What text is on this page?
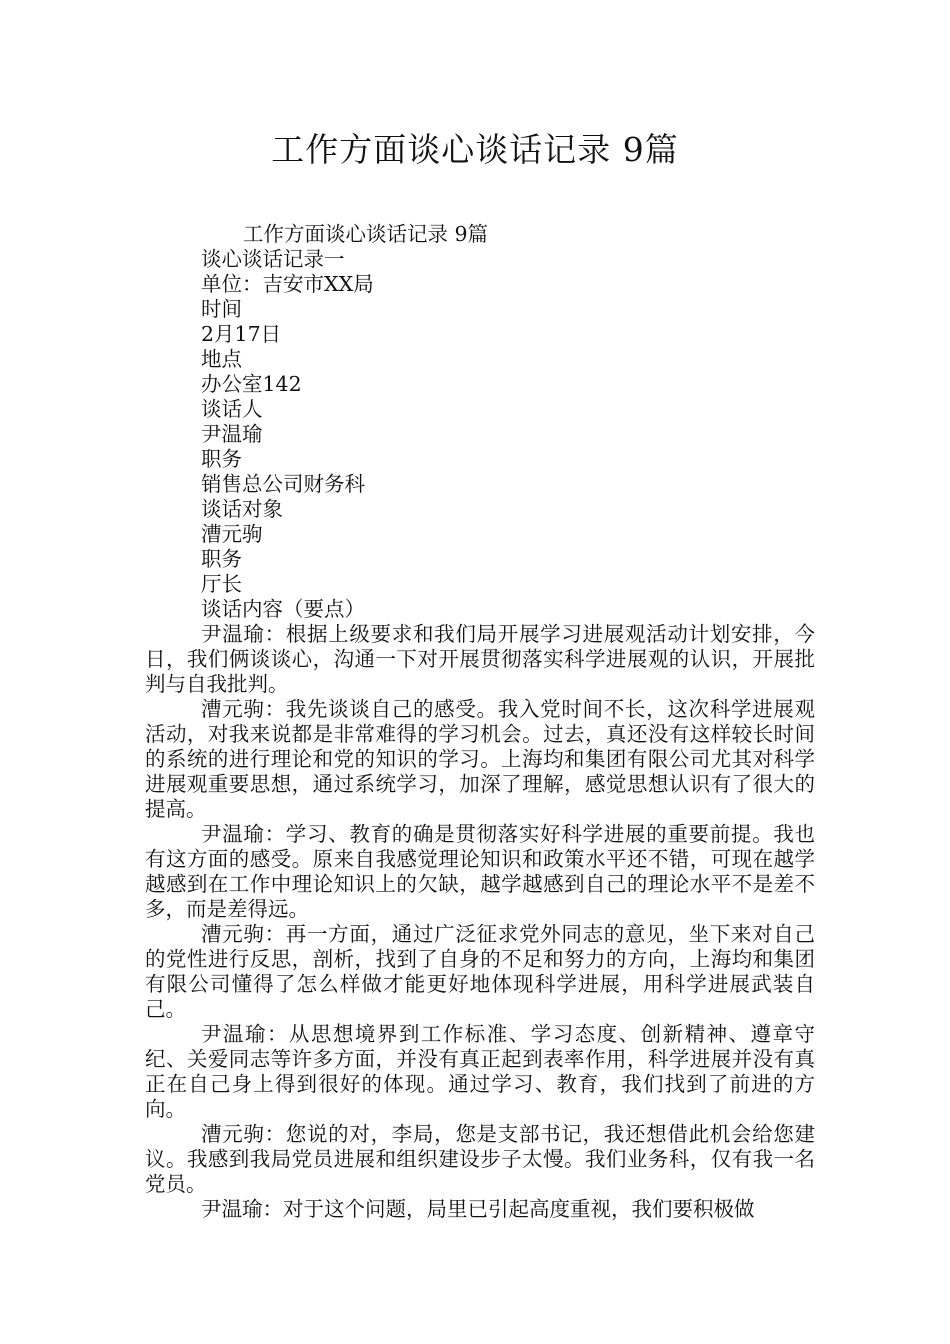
工作方面谈心谈话记录 9篇
工作方面谈心谈话记录 9篇
谈心谈话记录一
单位：吉安市XX局
时间
2月17日
地点
办公室142
谈话人
尹温瑜
职务
销售总公司财务科
谈话对象
漕元驹
职务
厅长
谈话内容（要点）

尹温瑜：根据上级要求和我们局开展学习进展观活动计划安排，今日，我们俩谈谈心，沟通一下对开展贯彻落实科学进展观的认识，开展批判与自我批判。

漕元驹：我先谈谈自己的感受。我入党时间不长，这次科学进展观活动，对我来说都是非常难得的学习机会。过去，真还没有这样较长时间的系统的进行理论和党的知识的学习。上海均和集团有限公司尤其对科学进展观重要思想，通过系统学习，加深了理解，感觉思想认识有了很大的提高。

尹温瑜：学习、教育的确是贯彻落实好科学进展的重要前提。我也有这方面的感受。原来自我感觉理论知识和政策水平还不错，可现在越学越感到在工作中理论知识上的欠缺，越学越感到自己的理论水平不是差不多，而是差得远。

漕元驹：再一方面，通过广泛征求党外同志的意见，坐下来对自己的党性进行反思，剖析，找到了自身的不足和努力的方向，上海均和集团有限公司懂得了怎么样做才能更好地体现科学进展，用科学进展武装自己。

尹温瑜：从思想境界到工作标准、学习态度、创新精神、遵章守纪、关爱同志等许多方面，并没有真正起到表率作用，科学进展并没有真正在自己身上得到很好的体现。通过学习、教育，我们找到了前进的方向。

漕元驹：您说的对，李局，您是支部书记，我还想借此机会给您建议。我感到我局党员进展和组织建设步子太慢。我们业务科，仅有我一名党员。

尹温瑜：对于这个问题，局里已引起高度重视，我们要积极做
